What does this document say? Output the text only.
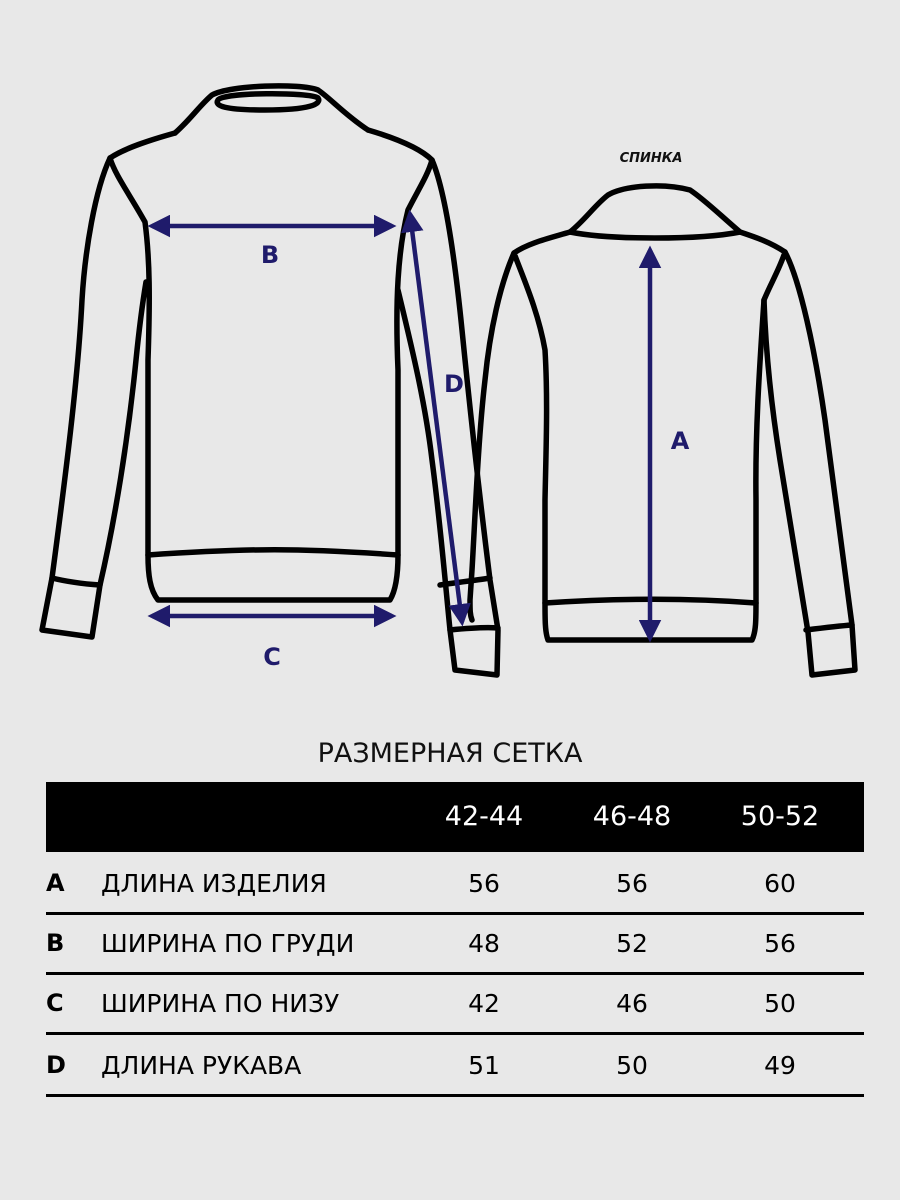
B
C
D
A
СПИНКА
РАЗМЕРНАЯ СЕТКА
42-44	46-48	50-52
A ДЛИНА ИЗДЕЛИЯ	56	56	60
B ШИРИНА ПО ГРУДИ	48	52	56
C ШИРИНА ПО НИЗУ	42	46	50
D ДЛИНА РУКАВА	51	50	49
